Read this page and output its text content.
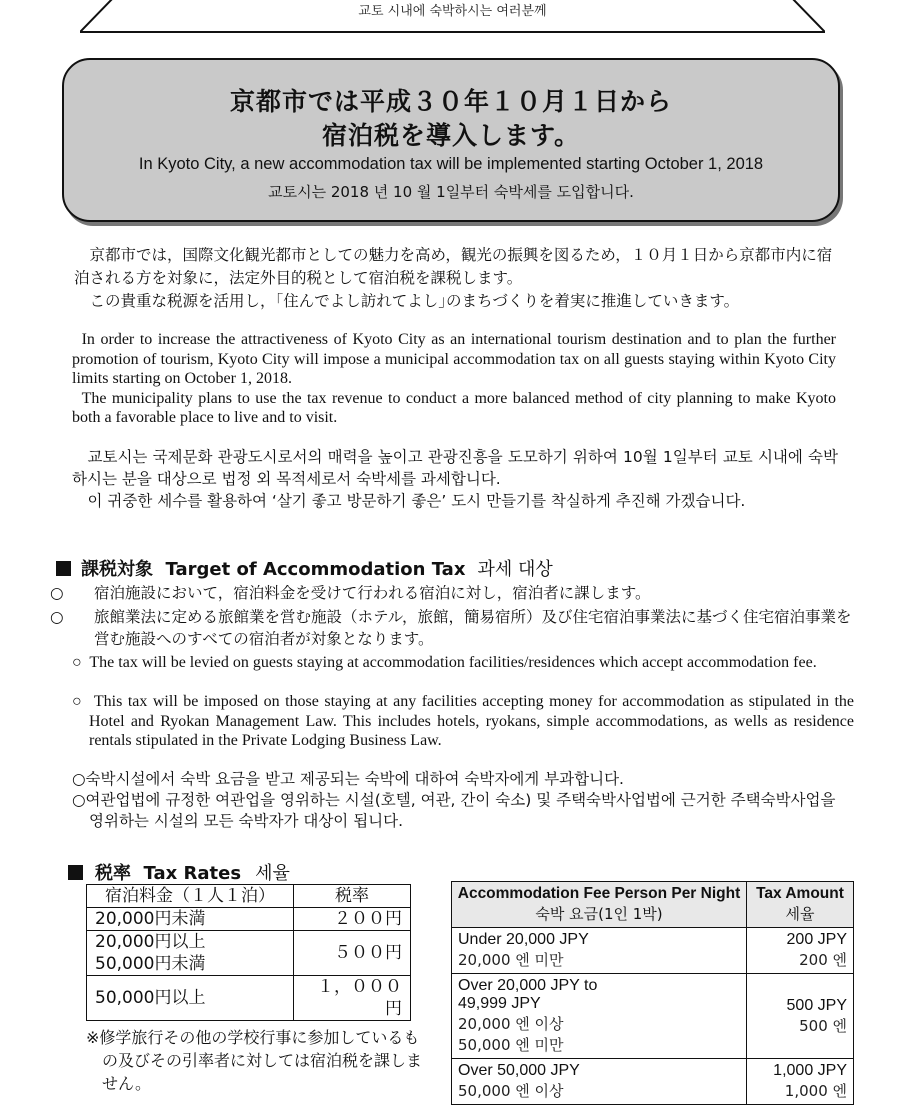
교토 시내에 숙박하시는 여러분께
京都市では平成３０年１０月１日から
宿泊税を導入します。
In Kyoto City, a new accommodation tax will be implemented starting October 1, 2018
교토시는 2018 년 10 월 1일부터 숙박세를 도입합니다.

京都市では，国際文化観光都市としての魅力を高め，観光の振興を図るため，１０月１日から京都市内に宿泊される方を対象に，法定外目的税として宿泊税を課税します。

この貴重な税源を活用し，｢住んでよし訪れてよし｣のまちづくりを着実に推進していきます。

In order to increase the attractiveness of Kyoto City as an international tourism destination and to plan the further promotion of tourism, Kyoto City will impose a municipal accommodation tax on all guests staying within Kyoto City limits starting on October 1, 2018.

The municipality plans to use the tax revenue to conduct a more balanced method of city planning to make Kyoto both a favorable place to live and to visit.

교토시는 국제문화 관광도시로서의 매력을 높이고 관광진흥을 도모하기 위하여 10월 1일부터 교토 시내에 숙박하시는 분을 대상으로 법정 외 목적세로서 숙박세를 과세합니다.

이 귀중한 세수를 활용하여 ‘살기 좋고 방문하기 좋은’ 도시 만들기를 착실하게 추진해 가겠습니다.

課税対象 Target of Accommodation Tax 과세 대상
○ 宿泊施設において，宿泊料金を受けて行われる宿泊に対し，宿泊者に課します。
○ 旅館業法に定める旅館業を営む施設（ホテル，旅館，簡易宿所）及び住宅宿泊事業法に基づく住宅宿泊事業を営む施設へのすべての宿泊者が対象となります。
○ The tax will be levied on guests staying at accommodation facilities/residences which accept accommodation fee.
○ This tax will be imposed on those staying at any facilities accepting money for accommodation as stipulated in the Hotel and Ryokan Management Law. This includes hotels, ryokans, simple accommodations, as wells as residence rentals stipulated in the Private Lodging Business Law.
○숙박시설에서 숙박 요금을 받고 제공되는 숙박에 대하여 숙박자에게 부과합니다.
○여관업법에 규정한 여관업을 영위하는 시설(호텔, 여관, 간이 숙소) 및 주택숙박사업법에 근거한 주택숙박사업을 영위하는 시설의 모든 숙박자가 대상이 됩니다.
税率 Tax Rates 세율
宿泊料金（１人１泊）	税率
20,000円未満	２００円

20,000円以上
50,000円未満	５００円
50,000円以上	１，０００円
※修学旅行その他の学校行事に参加しているもの及びその引率者に対しては宿泊税を課しません。
Accommodation Fee Person Per Night
숙박 요금(1인 1박)	Tax Amount
세율

Under 20,000 JPY
20,000 엔 미만	200 JPY
200 엔

Over 20,000 JPY to
49,999 JPY
20,000 엔 이상
50,000 엔 미만	500 JPY
500 엔

Over 50,000 JPY
50,000 엔 이상	1,000 JPY
1,000 엔
